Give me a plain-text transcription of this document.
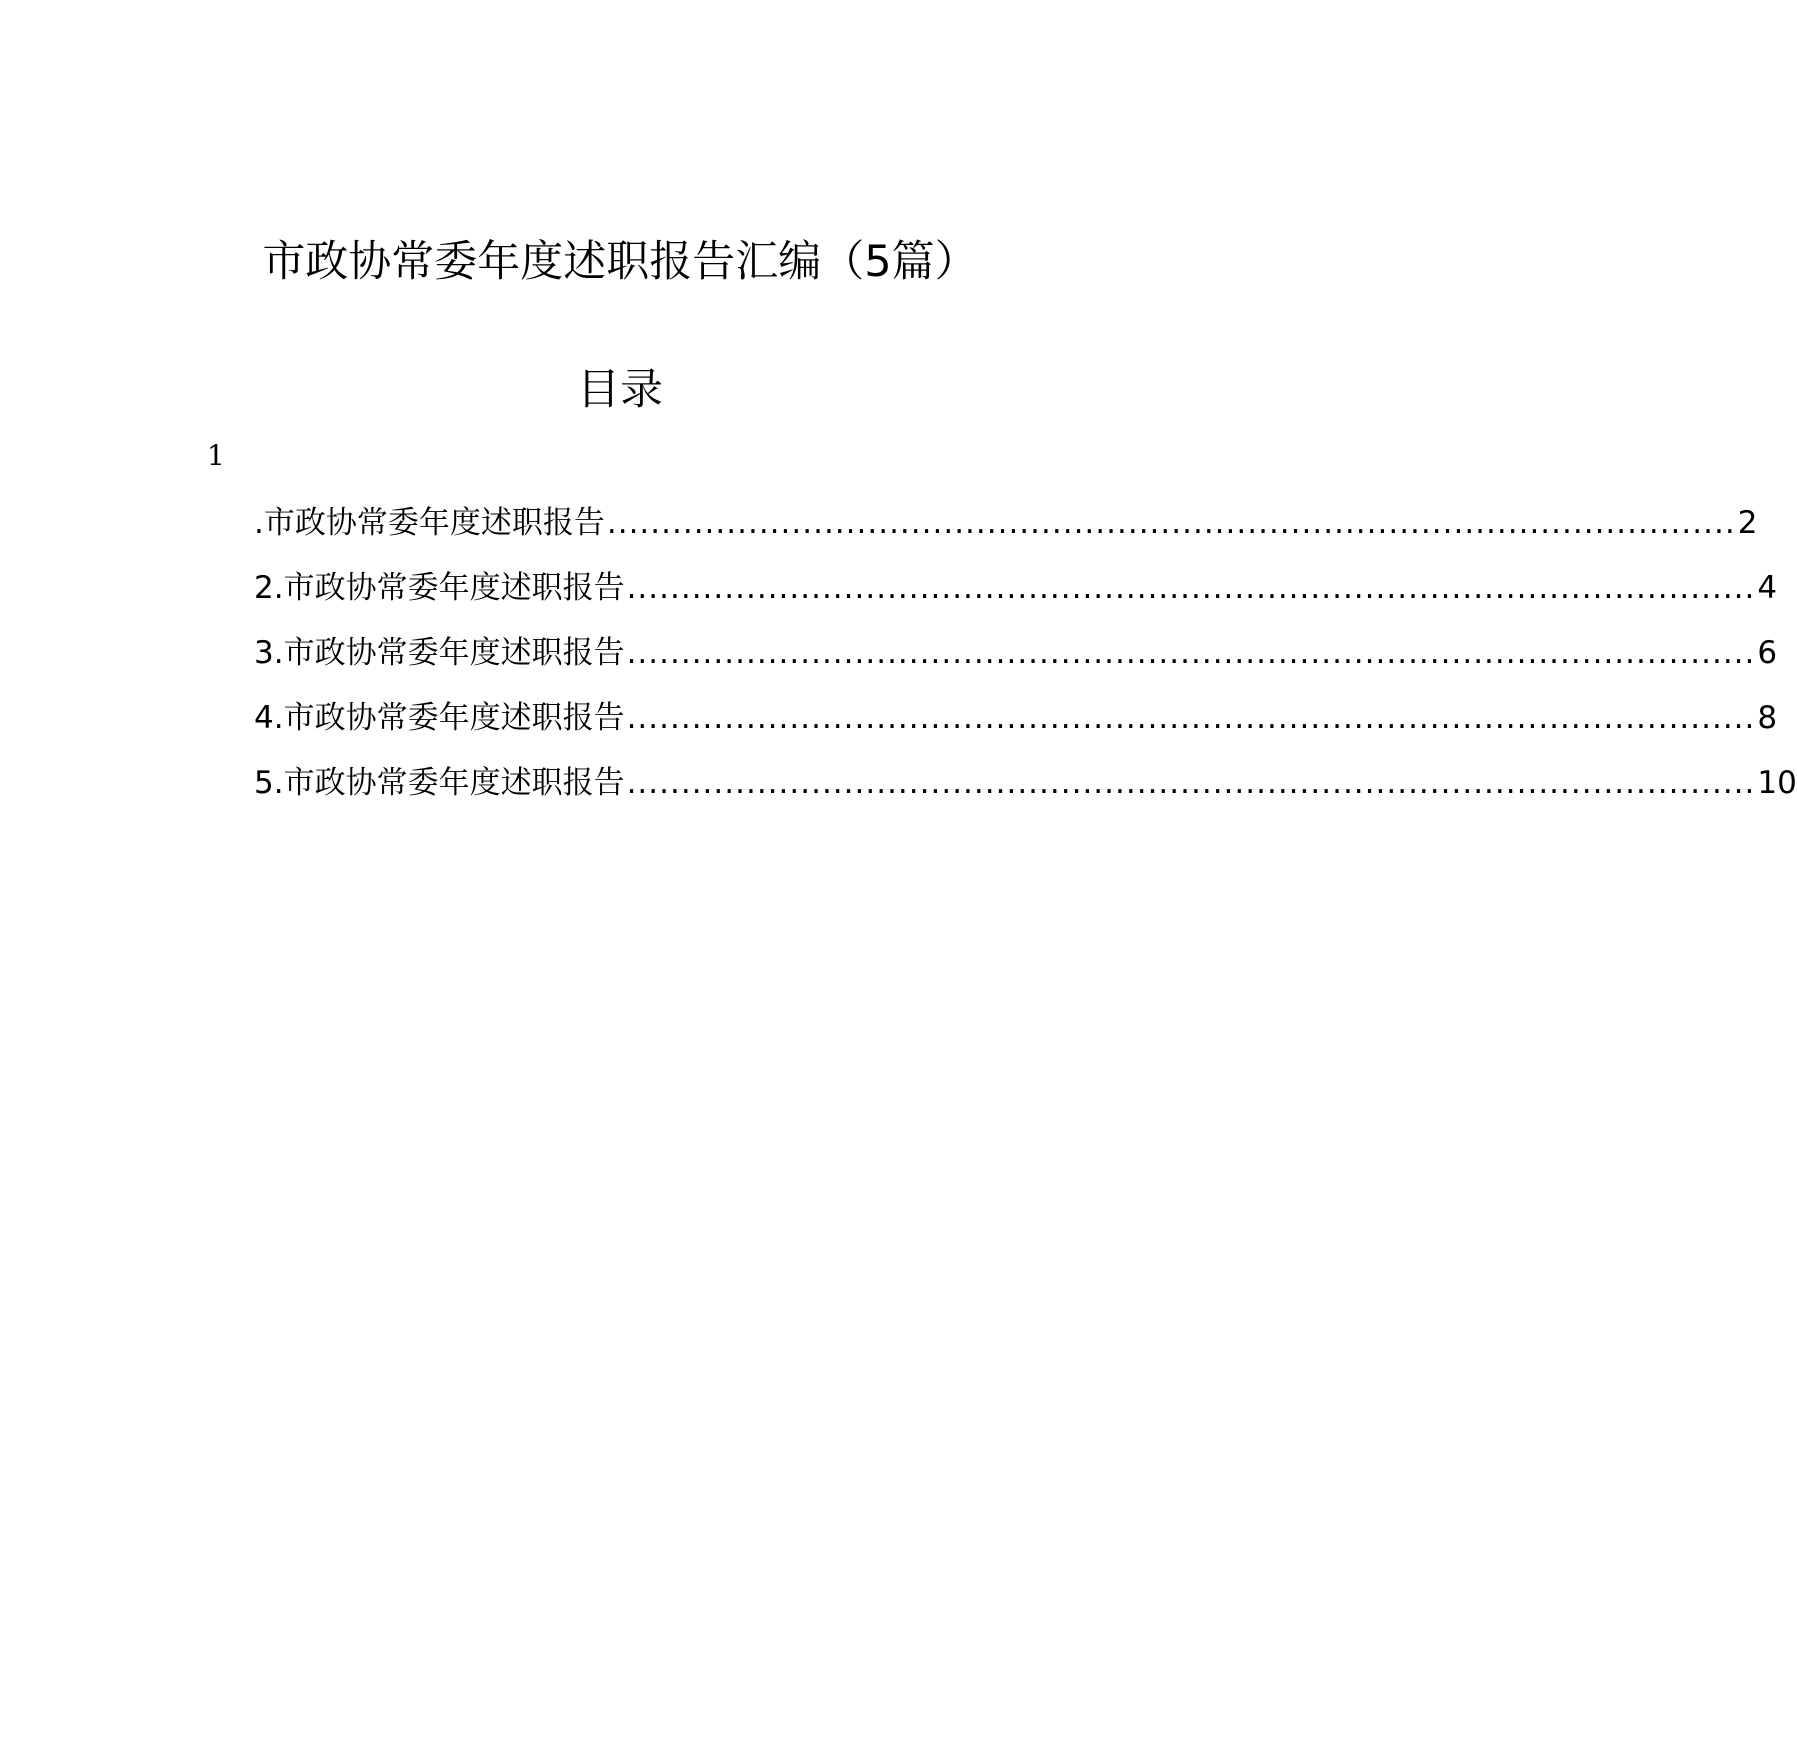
市政协常委年度述职报告汇编（5篇）
目录
1
.市政协常委年度述职报告 ........................................................................................................ 2
2.市政协常委年度述职报告 ........................................................................................................ 4
3.市政协常委年度述职报告 ........................................................................................................ 6
4.市政协常委年度述职报告 ........................................................................................................ 8
5.市政协常委年度述职报告 ........................................................................................................ 10
